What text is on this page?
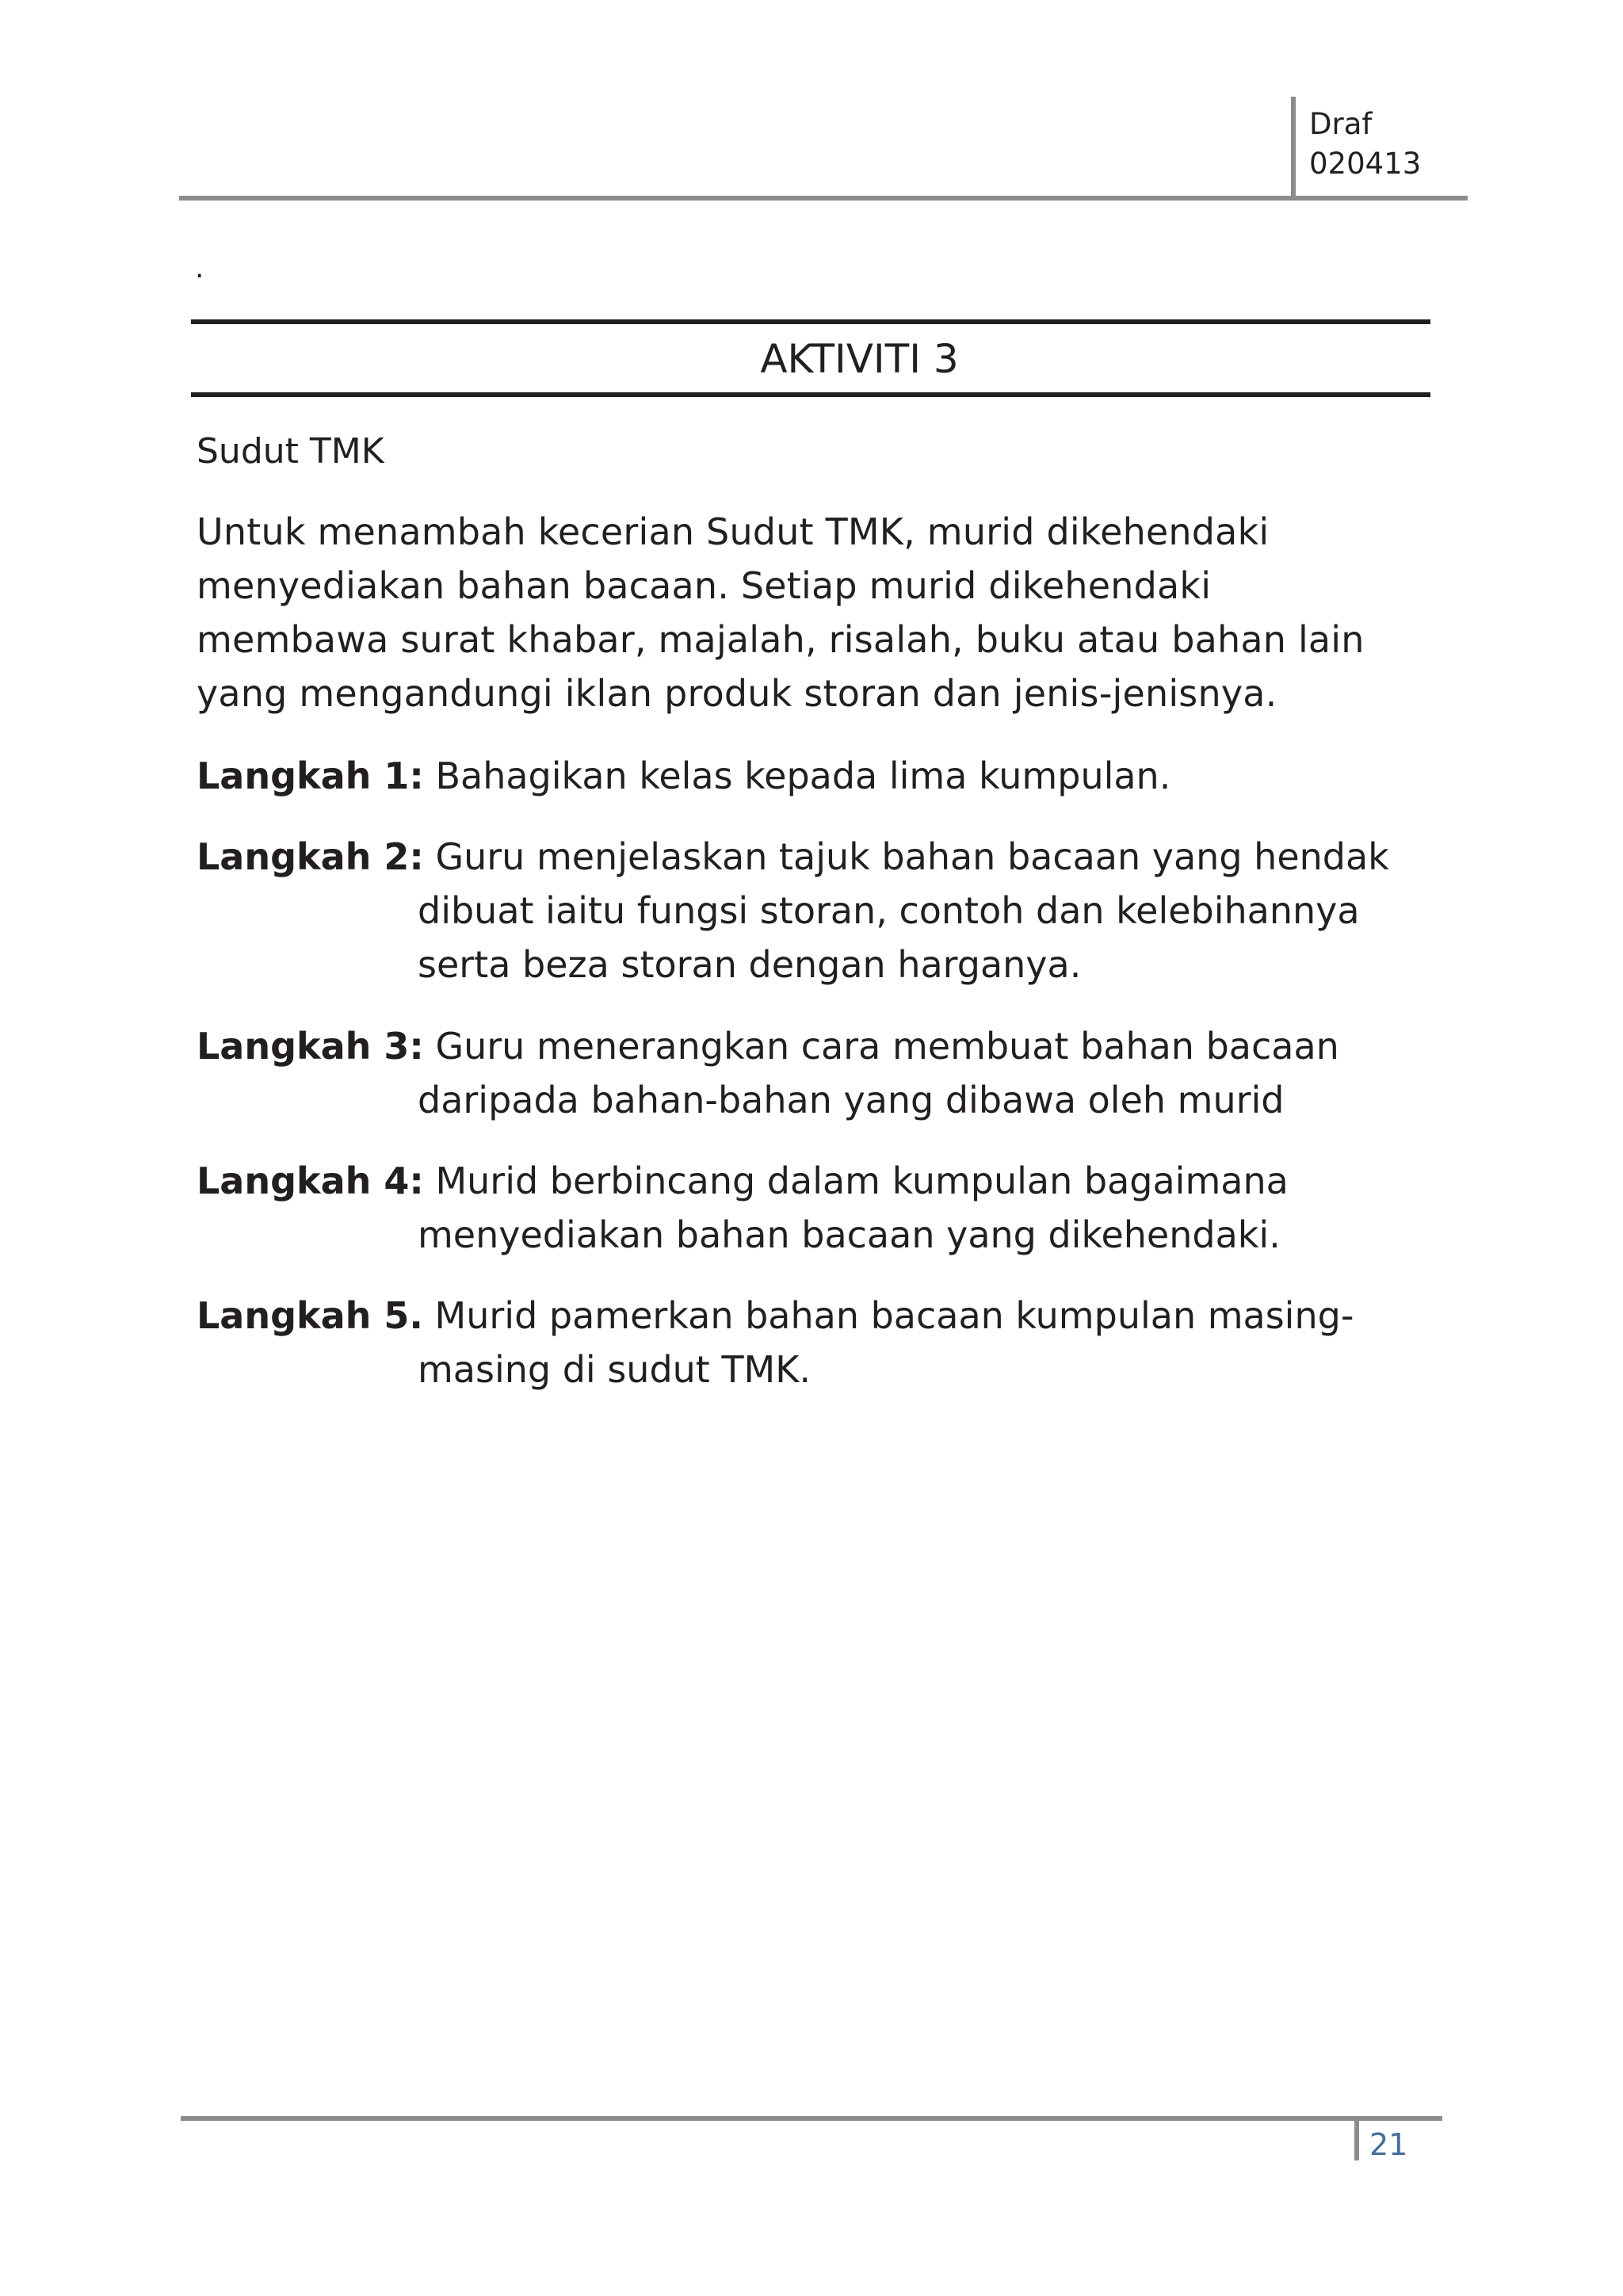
Draf
020413
.
AKTIVITI 3
Sudut TMK
Untuk menambah kecerian Sudut TMK, murid dikehendaki
menyediakan bahan bacaan. Setiap murid dikehendaki
membawa surat khabar, majalah, risalah, buku atau bahan lain
yang mengandungi iklan produk storan dan jenis-jenisnya.
Langkah 1: Bahagikan kelas kepada lima kumpulan.
Langkah 2: Guru menjelaskan tajuk bahan bacaan yang hendak
dibuat iaitu fungsi storan, contoh dan kelebihannya
serta beza storan dengan harganya.
Langkah 3: Guru menerangkan cara membuat bahan bacaan
daripada bahan-bahan yang dibawa oleh murid
Langkah 4: Murid berbincang dalam kumpulan bagaimana
menyediakan bahan bacaan yang dikehendaki.
Langkah 5. Murid pamerkan bahan bacaan kumpulan masing-
masing di sudut TMK.
21
